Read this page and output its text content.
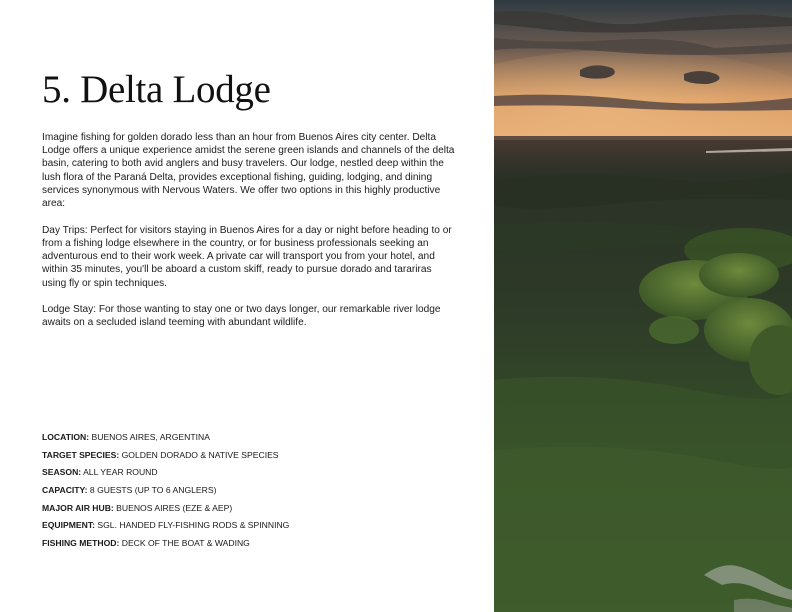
5. Delta Lodge

Imagine fishing for golden dorado less than an hour from Buenos Aires city center. Delta Lodge offers a unique experience amidst the serene green islands and channels of the delta basin, catering to both avid anglers and busy travelers. Our lodge, nestled deep within the lush flora of the Paraná Delta, provides exceptional fishing, guiding, lodging, and dining services synonymous with Nervous Waters. We offer two options in this highly productive area:

Day Trips: Perfect for visitors staying in Buenos Aires for a day or night before heading to or from a fishing lodge elsewhere in the country, or for business professionals seeking an adventurous end to their work week. A private car will transport you from your hotel, and within 35 minutes, you'll be aboard a custom skiff, ready to pursue dorado and tarariras using fly or spin techniques.

Lodge Stay: For those wanting to stay one or two days longer, our remarkable river lodge awaits on a secluded island teeming with abundant wildlife.

LOCATION: BUENOS AIRES, ARGENTINA
TARGET SPECIES: GOLDEN DORADO & NATIVE SPECIES
SEASON: ALL YEAR ROUND
CAPACITY: 8 GUESTS (UP TO 6 ANGLERS)
MAJOR AIR HUB: BUENOS AIRES (EZE & AEP)
EQUIPMENT: SGL. HANDED FLY-FISHING RODS & SPINNING
FISHING METHOD: DECK OF THE BOAT & WADING
